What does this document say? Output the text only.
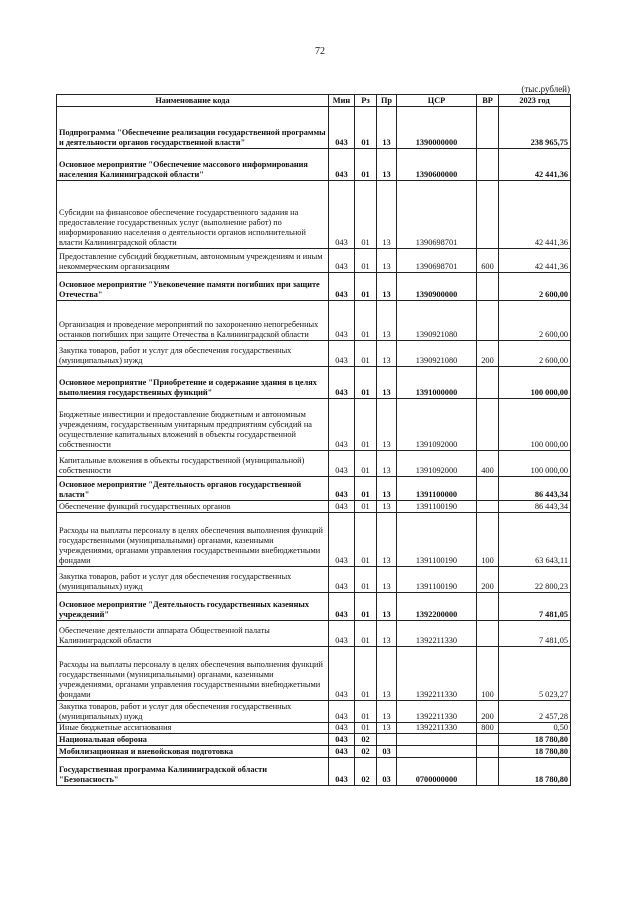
72
(тыс.рублей)
Наименование кода	Мин	Рз	Пр	ЦСР	ВР	2023 год
Подпрограмма "Обеспечение реализации государственной программы и деятельности органов государственной власти"	043	01	13	1390000000		238 965,75
Основное мероприятие "Обеспечение массового информирования населения Калининградской области"	043	01	13	1390600000		42 441,36
Субсидии на финансовое обеспечение государственного задания на предоставление государственных услуг (выполнение работ) по информированию населения о деятельности органов исполнительной власти Калининградской области	043	01	13	1390698701		42 441,36
Предоставление субсидий бюджетным, автономным учреждениям и иным некоммерческим организациям	043	01	13	1390698701	600	42 441,36
Основное мероприятие "Увековечение памяти погибших при защите Отечества"	043	01	13	1390900000		2 600,00
Организация и проведение мероприятий по захоронению непогребенных останков погибших при защите Отечества в Калининградской области	043	01	13	1390921080		2 600,00
Закупка товаров, работ и услуг для обеспечения государственных (муниципальных) нужд	043	01	13	1390921080	200	2 600,00
Основное мероприятие "Приобретение и содержание здания в целях выполнения государственных функций"	043	01	13	1391000000		100 000,00
Бюджетные инвестиции и предоставление бюджетным и автономным учреждениям, государственным унитарным предприятиям субсидий на осуществление капитальных вложений в объекты государственной собственности	043	01	13	1391092000		100 000,00
Капитальные вложения в объекты государственной (муниципальной) собственности	043	01	13	1391092000	400	100 000,00
Основное мероприятие "Деятельность органов государственной власти"	043	01	13	1391100000		86 443,34
Обеспечение функций государственных органов	043	01	13	1391100190		86 443,34
Расходы на выплаты персоналу в целях обеспечения выполнения функций государственными (муниципальными) органами, казенными учреждениями, органами управления государственными внебюджетными фондами	043	01	13	1391100190	100	63 643,11
Закупка товаров, работ и услуг для обеспечения государственных (муниципальных) нужд	043	01	13	1391100190	200	22 800,23
Основное мероприятие "Деятельность государственных казенных учреждений"	043	01	13	1392200000		7 481,05
Обеспечение деятельности аппарата Общественной палаты Калининградской области	043	01	13	1392211330		7 481,05
Расходы на выплаты персоналу в целях обеспечения выполнения функций государственными (муниципальными) органами, казенными учреждениями, органами управления государственными внебюджетными фондами	043	01	13	1392211330	100	5 023,27
Закупка товаров, работ и услуг для обеспечения государственных (муниципальных) нужд	043	01	13	1392211330	200	2 457,28
Иные бюджетные ассигнования	043	01	13	1392211330	800	0,50
Национальная оборона	043	02				18 780,80
Мобилизационная и вневойсковая подготовка	043	02	03			18 780,80
Государственная программа Калининградской области "Безопасность"	043	02	03	0700000000		18 780,80
